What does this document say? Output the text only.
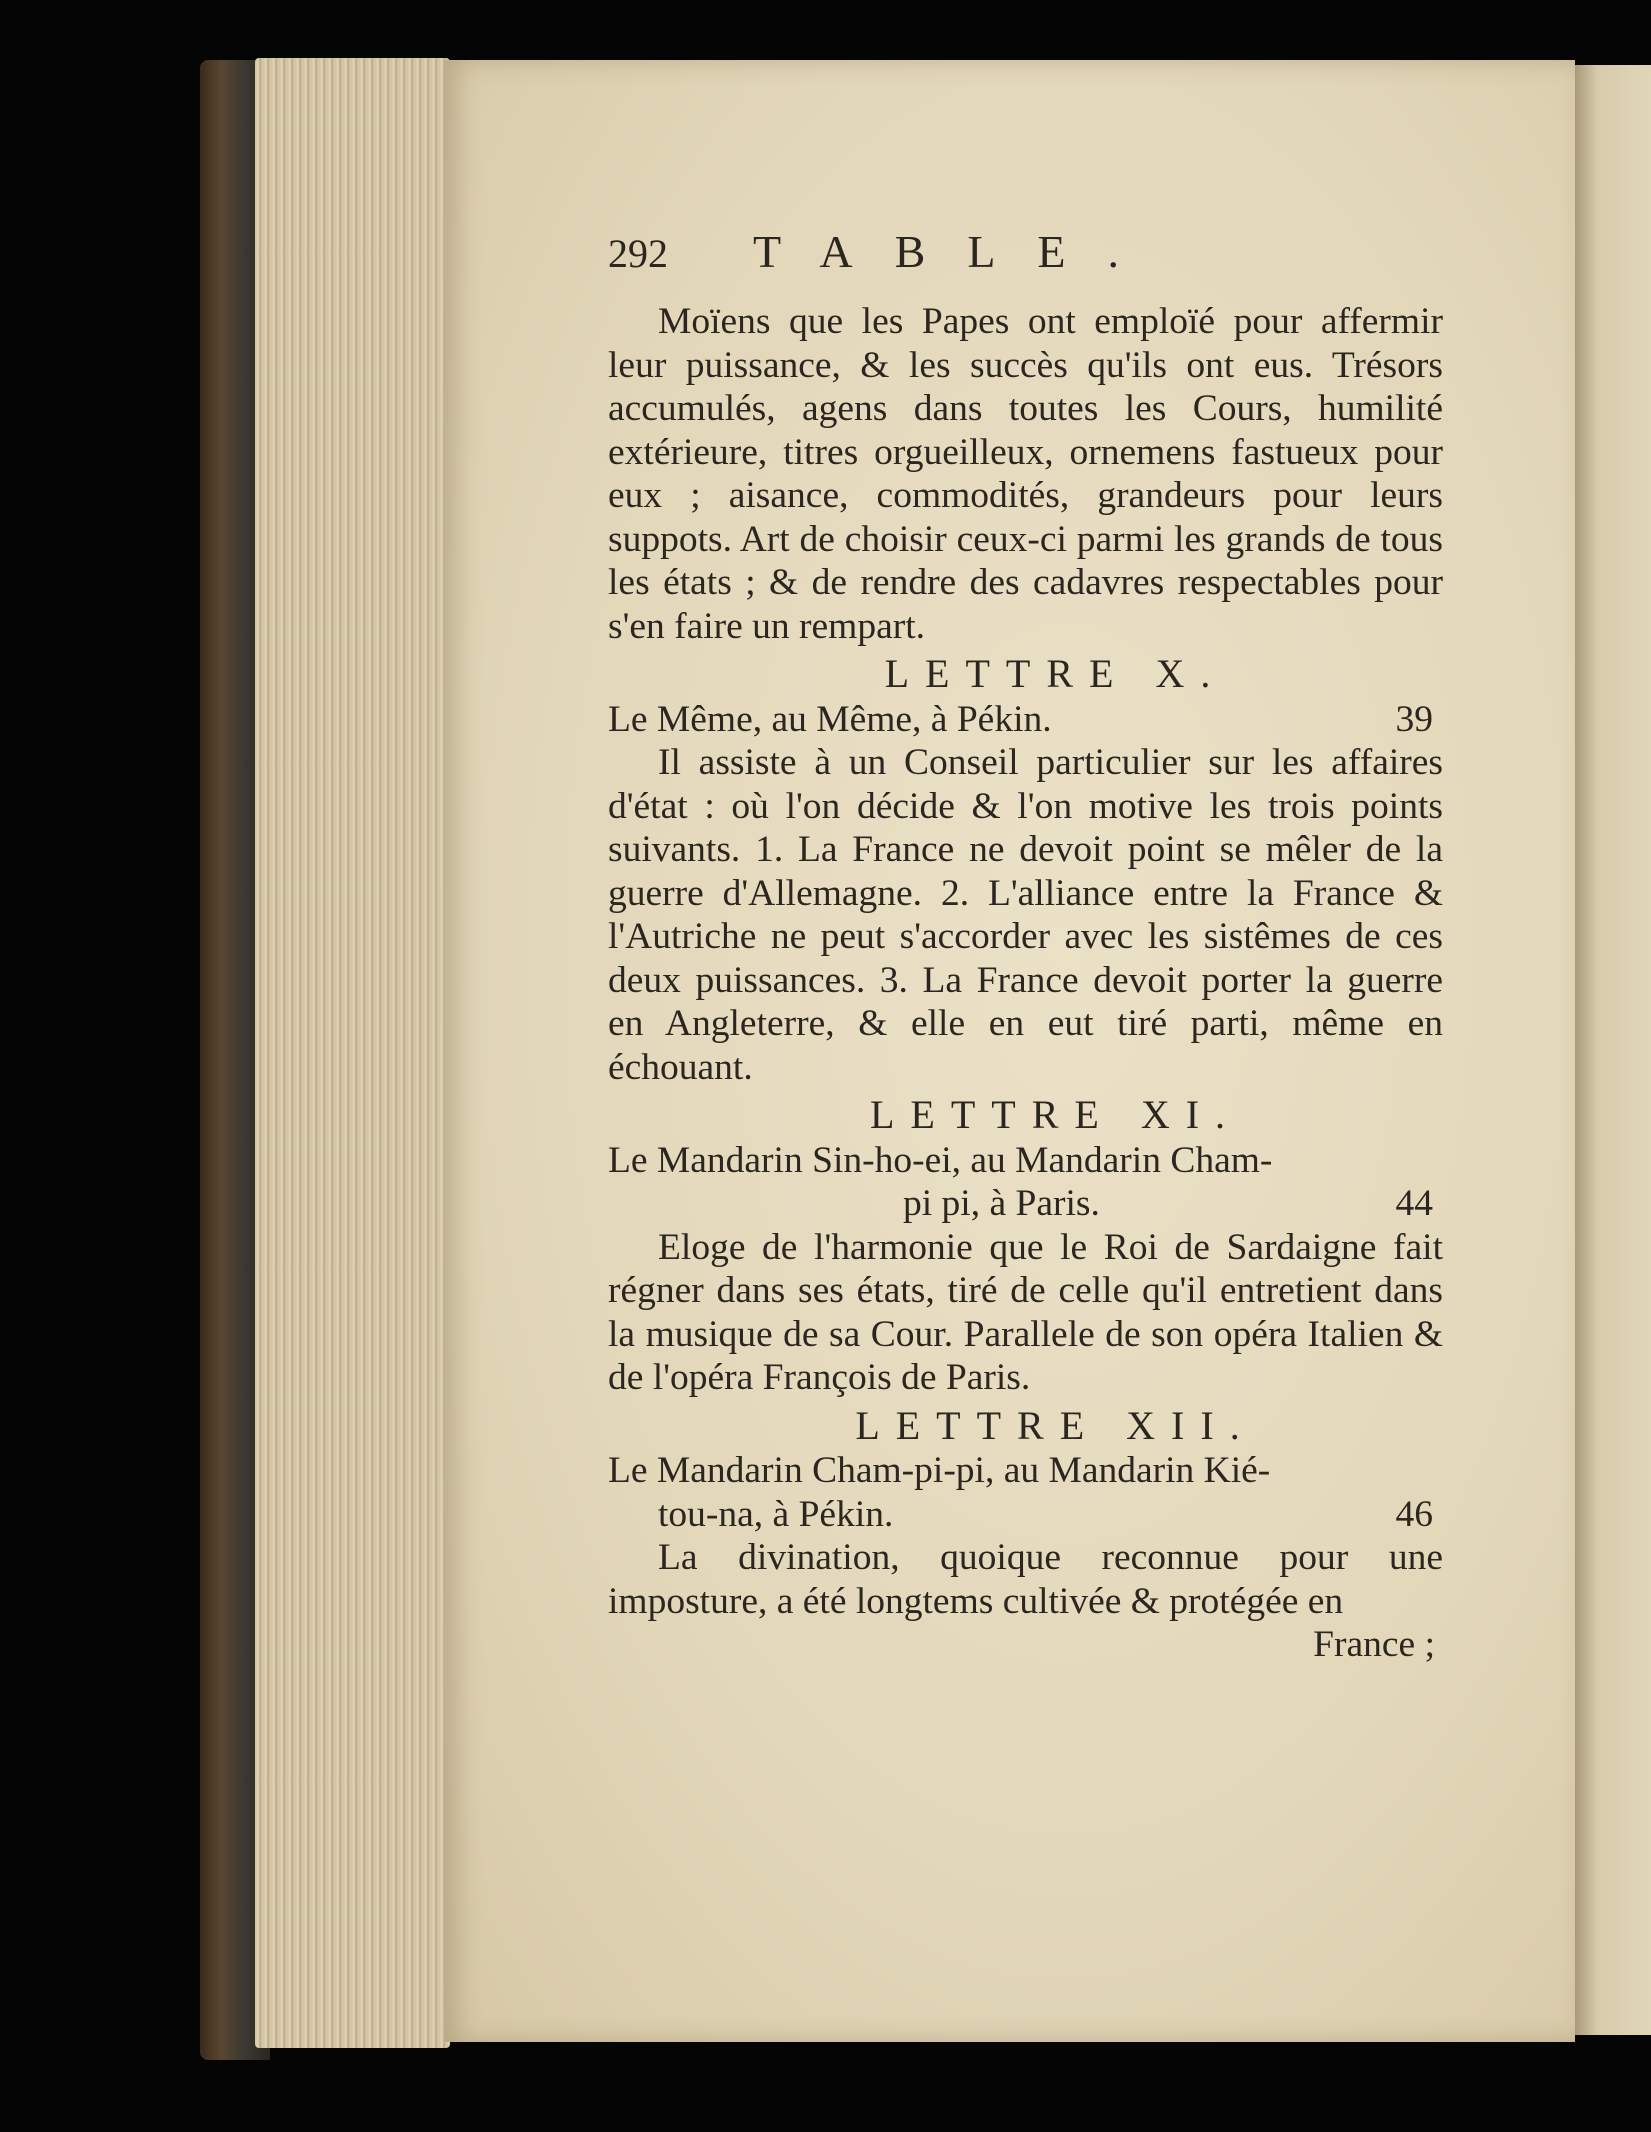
292	TABLE.

Moïens que les Papes ont emploïé pour affermir leur puissance, & les succès qu'ils ont eus. Trésors accumulés, agens dans toutes les Cours, humilité extérieure, titres orgueilleux, ornemens fastueux pour eux ; aisance, commodités, grandeurs pour leurs suppots. Art de choisir ceux-ci parmi les grands de tous les états ; & de rendre des cadavres respectables pour s'en faire un rempart.

LETTRE X.
Le Même, au Même, à Pékin.	39

Il assiste à un Conseil particulier sur les affaires d'état : où l'on décide & l'on motive les trois points suivants. 1. La France ne devoit point se mêler de la guerre d'Allemagne. 2. L'alliance entre la France & l'Autriche ne peut s'accorder avec les sistêmes de ces deux puissances. 3. La France devoit porter la guerre en Angleterre, & elle en eut tiré parti, même en échouant.

LETTRE XI.

Le Mandarin Sin-ho-ei, au Mandarin Cham-

pi pi, à Paris.	44

Eloge de l'harmonie que le Roi de Sardaigne fait régner dans ses états, tiré de celle qu'il entretient dans la musique de sa Cour. Parallele de son opéra Italien & de l'opéra François de Paris.

LETTRE XII.

Le Mandarin Cham-pi-pi, au Mandarin Kié-

tou-na, à Pékin.	46

La divination, quoique reconnue pour une imposture, a été longtems cultivée & protégée en

France ;
